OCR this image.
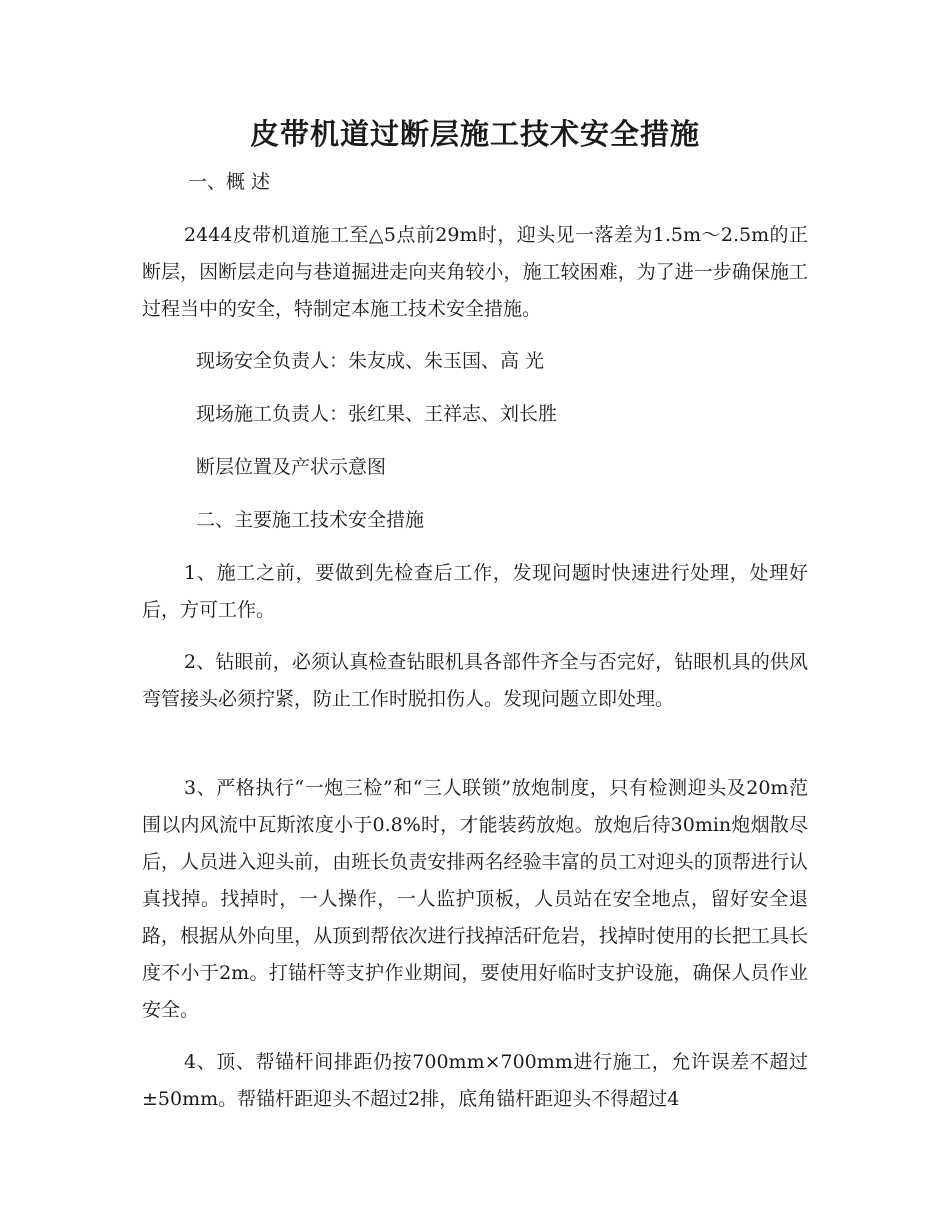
皮带机道过断层施工技术安全措施
一、概 述
2444皮带机道施工至△5点前29m时，迎头见一落差为1.5m～2.5m的正断层，因断层走向与巷道掘进走向夹角较小，施工较困难，为了进一步确保施工过程当中的安全，特制定本施工技术安全措施。
现场安全负责人：朱友成、朱玉国、高 光
现场施工负责人：张红果、王祥志、刘长胜
断层位置及产状示意图
二、主要施工技术安全措施
1、施工之前，要做到先检查后工作，发现问题时快速进行处理，处理好后，方可工作。
2、钻眼前，必须认真检查钻眼机具各部件齐全与否完好，钻眼机具的供风弯管接头必须拧紧，防止工作时脱扣伤人。发现问题立即处理。
3、严格执行“一炮三检”和“三人联锁”放炮制度，只有检测迎头及20m范围以内风流中瓦斯浓度小于0.8%时，才能装药放炮。放炮后待30min炮烟散尽后，人员进入迎头前，由班长负责安排两名经验丰富的员工对迎头的顶帮进行认真找掉。找掉时，一人操作，一人监护顶板，人员站在安全地点，留好安全退路，根据从外向里，从顶到帮依次进行找掉活矸危岩，找掉时使用的长把工具长度不小于2m。打锚杆等支护作业期间，要使用好临时支护设施，确保人员作业安全。
4、顶、帮锚杆间排距仍按700mm×700mm进行施工，允许误差不超过±50mm。帮锚杆距迎头不超过2排，底角锚杆距迎头不得超过4
